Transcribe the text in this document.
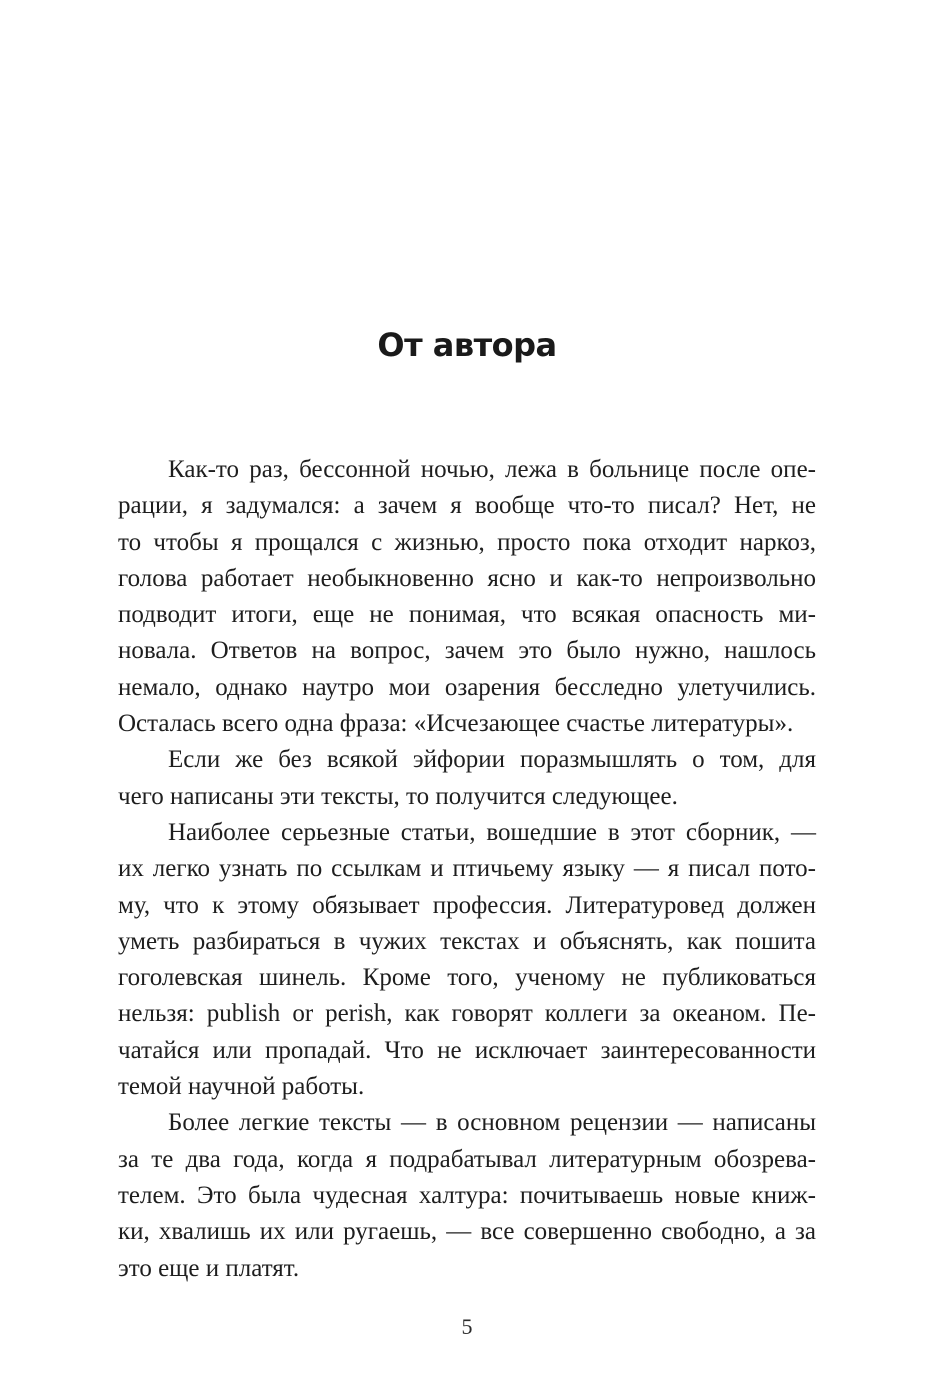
От автора
Как-то раз, бессонной ночью, лежа в больнице после опе-
рации, я задумался: а зачем я вообще что-то писал? Нет, не
то чтобы я прощался с жизнью, просто пока отходит наркоз,
голова работает необыкновенно ясно и как-то непроизвольно
подводит итоги, еще не понимая, что всякая опасность ми-
новала. Ответов на вопрос, зачем это было нужно, нашлось
немало, однако наутро мои озарения бесследно улетучились.
Осталась всего одна фраза: «Исчезающее счастье литературы».
Если же без всякой эйфории поразмышлять о том, для
чего написаны эти тексты, то получится следующее.
Наиболее серьезные статьи, вошедшие в этот сборник, —
их легко узнать по ссылкам и птичьему языку — я писал пото-
му, что к этому обязывает профессия. Литературовед должен
уметь разбираться в чужих текстах и объяснять, как пошита
гоголевская шинель. Кроме того, ученому не публиковаться
нельзя: publish or perish, как говорят коллеги за океаном. Пе-
чатайся или пропадай. Что не исключает заинтересованности
темой научной работы.
Более легкие тексты — в основном рецензии — написаны
за те два года, когда я подрабатывал литературным обозрева-
телем. Это была чудесная халтура: почитываешь новые книж-
ки, хвалишь их или ругаешь, — все совершенно свободно, а за
это еще и платят.
5
